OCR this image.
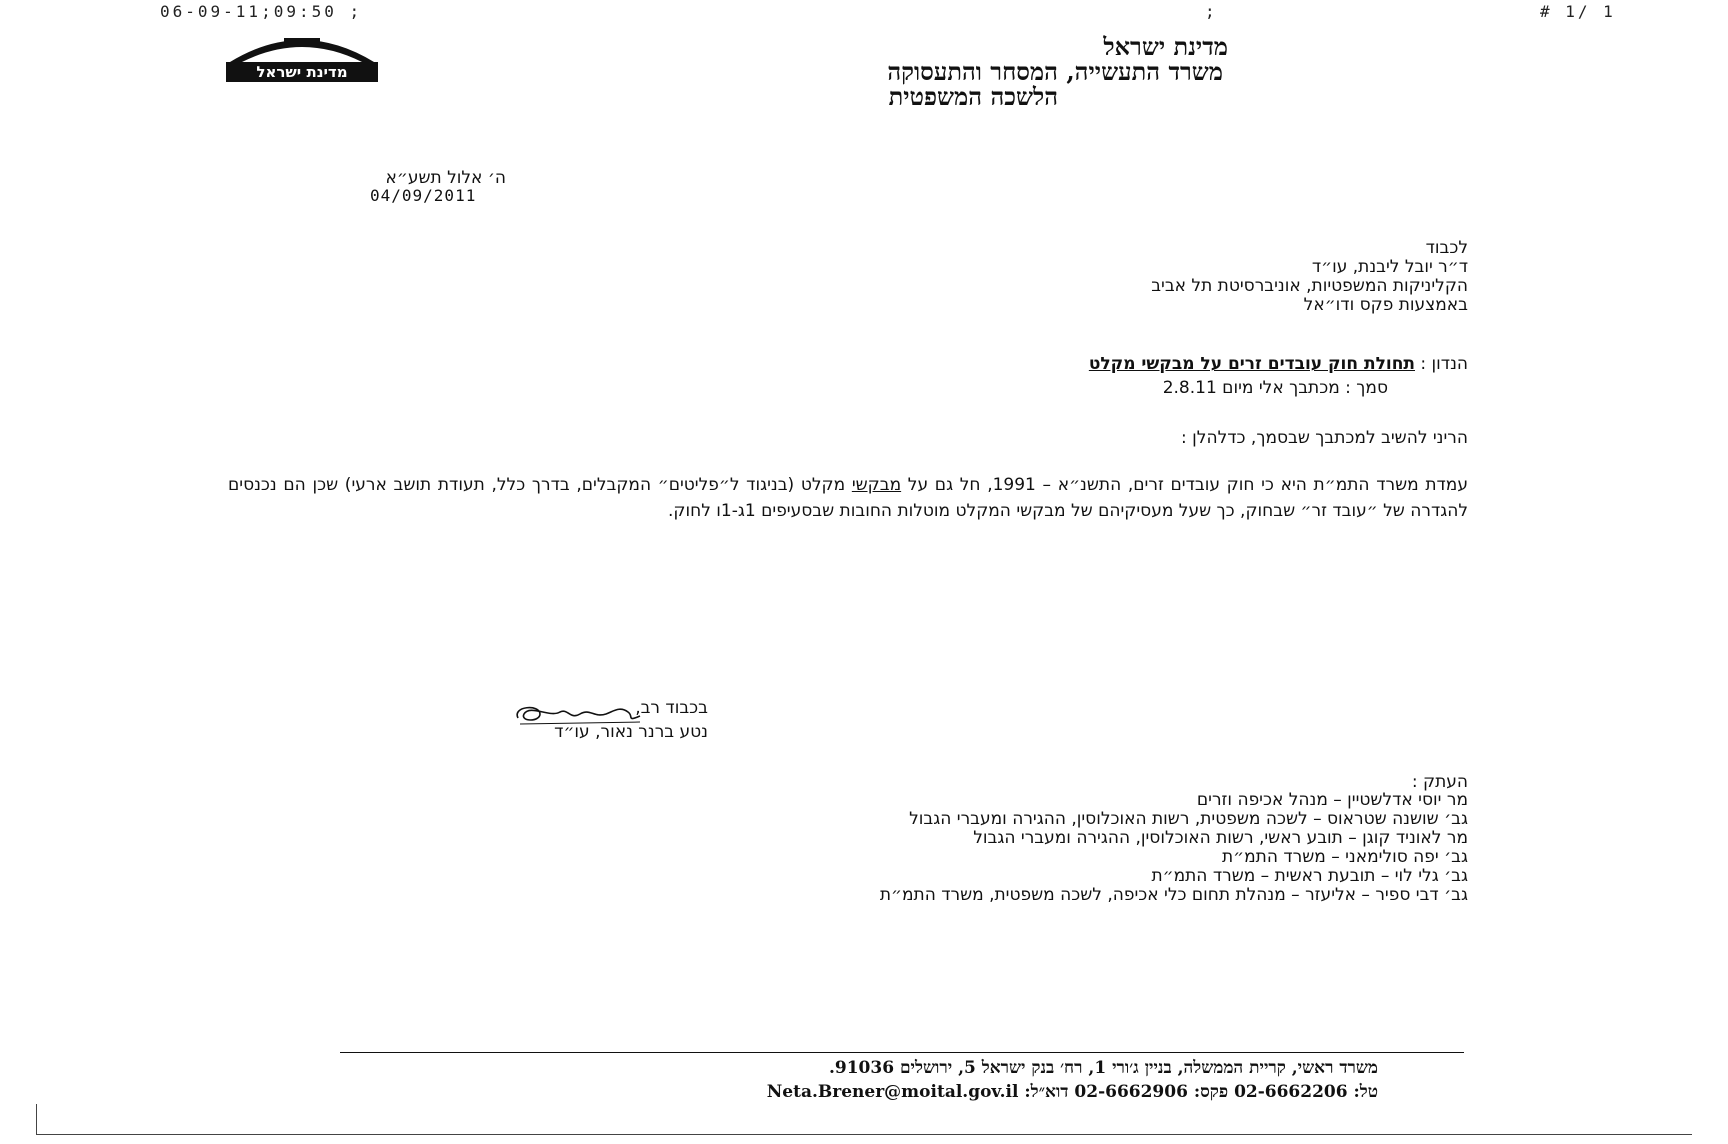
06-09-11;09:50 ;	;	# 1/ 1
מדינת ישראל
מדינת ישראל
משרד התעשייה, המסחר והתעסוקה
הלשכה המשפטית
ה׳ אלול תשע״א
04/09/2011
לכבוד
ד״ר יובל ליבנת, עו״ד
הקליניקות המשפטיות, אוניברסיטת תל אביב
באמצעות פקס ודו״אל
הנדון : תחולת חוק עובדים זרים על מבקשי מקלט
סמך : מכתבך אלי מיום 2.8.11
הריני להשיב למכתבך שבסמך, כדלהלן :
עמדת משרד התמ״ת היא כי חוק עובדים זרים, התשנ״א – 1991, חל גם על מבקשי מקלט (בניגוד ל״פליטים״ המקבלים, בדרך כלל, תעודת תושב ארעי) שכן הם נכנסים להגדרה של ״עובד זר״ שבחוק, כך שעל מעסיקיהם של מבקשי המקלט מוטלות החובות שבסעיפים 1ג-1ו לחוק.
בכבוד רב,
נטע ברנר נאור, עו״ד
העתק :
מר יוסי אדלשטיין – מנהל אכיפה וזרים
גב׳ שושנה שטראוס – לשכה משפטית, רשות האוכלוסין, ההגירה ומעברי הגבול
מר לאוניד קוגן – תובע ראשי, רשות האוכלוסין, ההגירה ומעברי הגבול
גב׳ יפה סולימאני – משרד התמ״ת
גב׳ גלי לוי – תובעת ראשית – משרד התמ״ת
גב׳ דבי ספיר – אליעזר – מנהלת תחום כלי אכיפה, לשכה משפטית, משרד התמ״ת
משרד ראשי, קריית הממשלה, בניין ג׳ורי 1, רח׳ בנק ישראל 5, ירושלים 91036.
טל: 02-6662206 פקס: 02-6662906 דוא״ל: Neta.Brener@moital.gov.il
